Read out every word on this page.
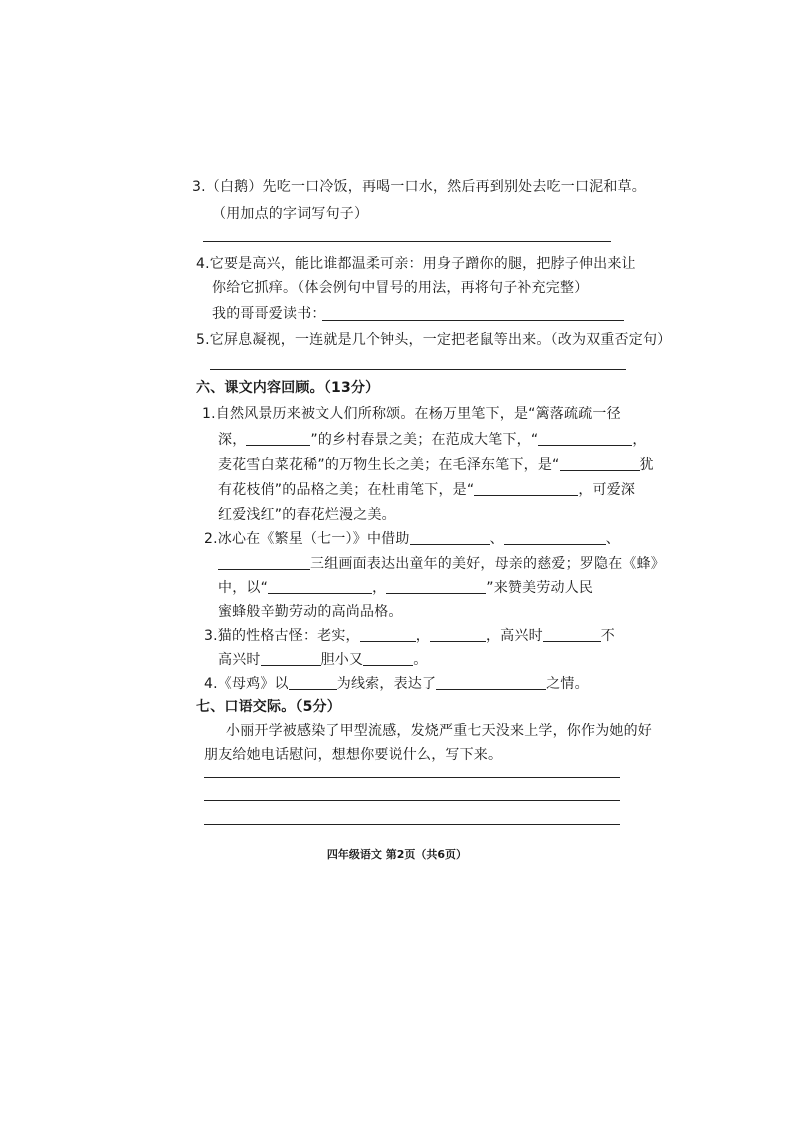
3.（白鹅）先吃一口冷饭，再喝一口水，然后再到别处去吃一口泥和草。
（用加点的字词写句子）
4.它要是高兴，能比谁都温柔可亲：用身子蹭你的腿，把脖子伸出来让
你给它抓痒。（体会例句中冒号的用法，再将句子补充完整）
我的哥哥爱读书：
5.它屏息凝视，一连就是几个钟头，一定把老鼠等出来。（改为双重否定句）
六、课文内容回顾。（13分）
1.自然风景历来被文人们所称颂。在杨万里笔下，是“篱落疏疏一径
深，	”的乡村春景之美；在范成大笔下，“	，
麦花雪白菜花稀”的万物生长之美；在毛泽东笔下，是“	犹
有花枝俏”的品格之美；在杜甫笔下，是“	，可爱深
红爱浅红”的春花烂漫之美。
2.冰心在《繁星（七一）》中借助	、	、
三组画面表达出童年的美好，母亲的慈爱；罗隐在《蜂》
中，以“	，	”来赞美劳动人民
蜜蜂般辛勤劳动的高尚品格。
3.猫的性格古怪：老实，	，	，高兴时	不
高兴时	胆小又	。
4.《母鸡》以	为线索，表达了	之情。
七、口语交际。（5分）
小丽开学被感染了甲型流感，发烧严重七天没来上学，你作为她的好
朋友给她电话慰问，想想你要说什么，写下来。
四年级语文 第2页（共6页）
